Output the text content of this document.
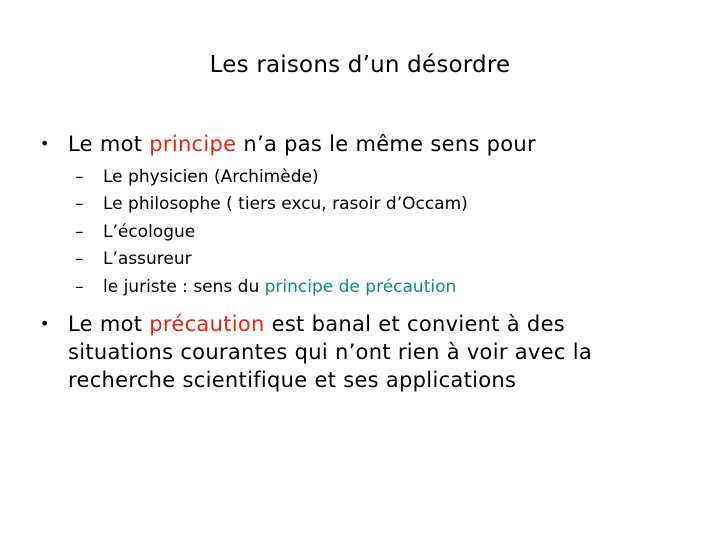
Les raisons d’un désordre
• Le mot principe n’a pas le même sens pour
– Le physicien (Archimède)
– Le philosophe ( tiers excu, rasoir d’Occam)
– L’écologue
– L’assureur
– le juriste : sens du principe de précaution
• Le mot précaution est banal et convient à des situations courantes qui n’ont rien à voir avec la recherche scientifique et ses applications
